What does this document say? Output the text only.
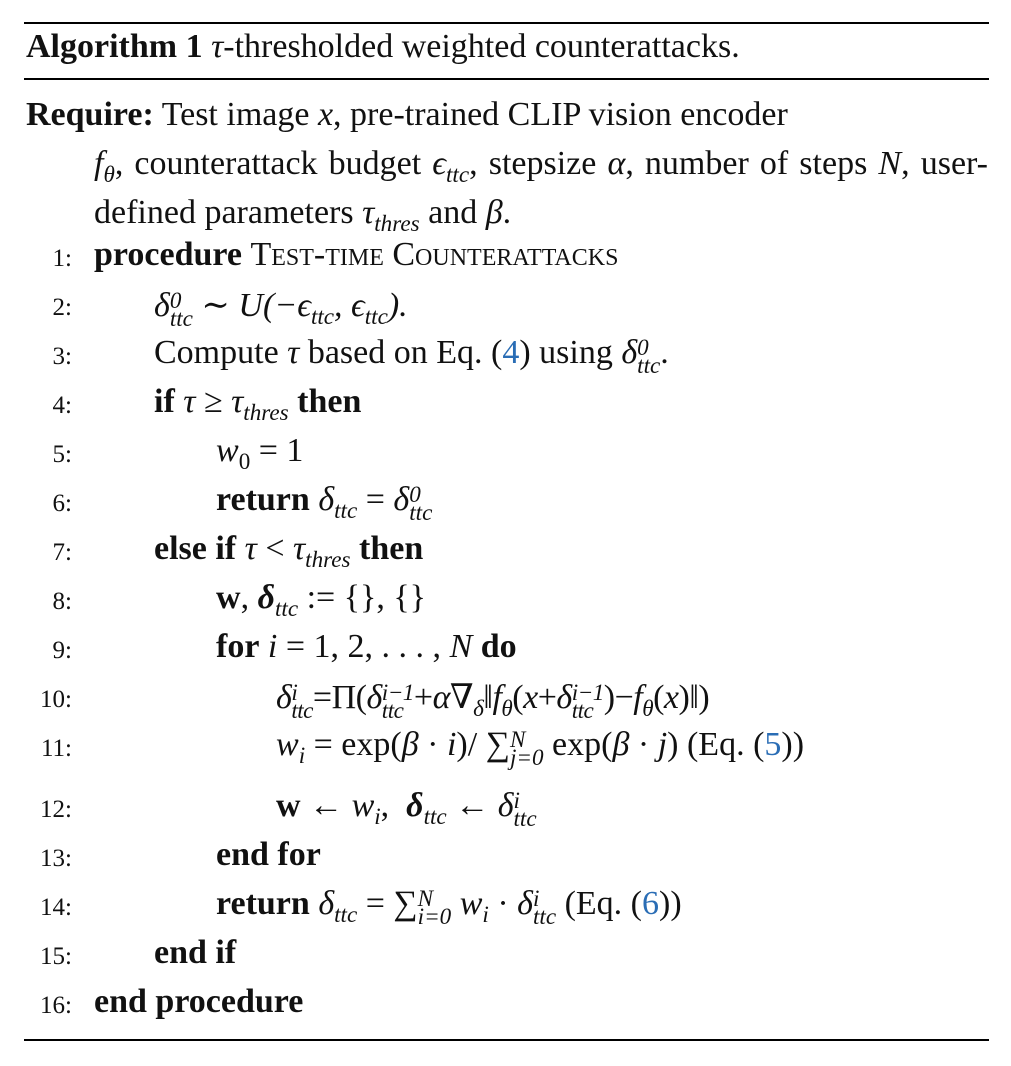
Algorithm 1 τ-thresholded weighted counterattacks.
Require: Test image x, pre-trained CLIP vision encoder
$f_\theta$, counterattack budget $\epsilon_{ttc}$, stepsize α, number of steps N, user-defined parameters $\tau_{thres}$ and β.
1: procedure Test-time Counterattacks
2: δ 0
ttc ∼ $U(-\epsilon_{ttc}$, $\epsilon_{ttc}$).
3: Compute τ based on Eq. (4) using δ 0
ttc .
4: if $\tau \ge \tau_{thres}$ then
5:	$w_0 = 1$
6:	return $\delta_{ttc} = \delta$ 0
ttc
7: else if $\tau < \tau_{thres}$ then
8:	w, $\delta_{ttc}$ := {}, {}
9:	for i = 1, 2, . . . , N do
10:	δ i
ttc =Π(δ i−1
ttc $+\alpha\nabla_\delta‖f_\theta(x+\delta$ i−1
ttc )$-f_\theta(x)‖$)
11:	$w_i = \exp(\beta \cdot i)/$ ∑ N
j=0 exp(β · j) (Eq. (5))
12:	w ← $w_i$,  $\delta_{ttc}$ ← δ i
ttc
13:	end for
14:	return $\delta_{ttc}$ = ∑ N
i=0 $w_i \cdot \delta$ i
ttc (Eq. (6))
15: end if
16: end procedure
